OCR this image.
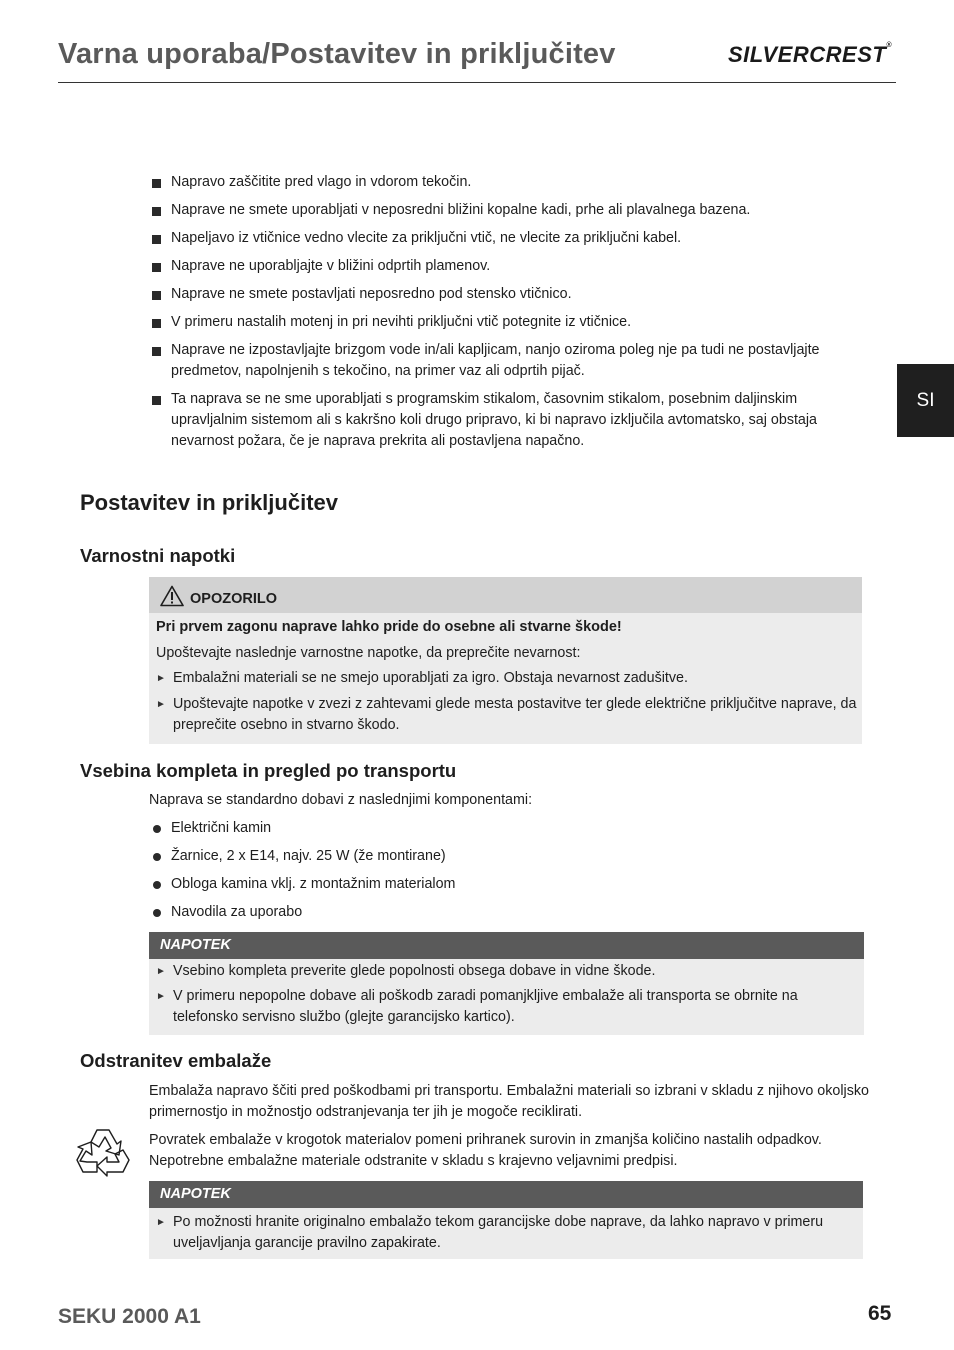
Varna uporaba/Postavitev in priključitev	SILVERCREST®
SI
Napravo zaščitite pred vlago in vdorom tekočin.
Naprave ne smete uporabljati v neposredni bližini kopalne kadi, prhe ali plavalnega bazena.
Napeljavo iz vtičnice vedno vlecite za priključni vtič, ne vlecite za priključni kabel.
Naprave ne uporabljajte v bližini odprtih plamenov.
Naprave ne smete postavljati neposredno pod stensko vtičnico.
V primeru nastalih motenj in pri nevihti priključni vtič potegnite iz vtičnice.
Naprave ne izpostavljajte brizgom vode in/ali kapljicam, nanjo oziroma poleg nje pa tudi ne postavljajte predmetov, napolnjenih s tekočino, na primer vaz ali odprtih pijač.
Ta naprava se ne sme uporabljati s programskim stikalom, časovnim stikalom, posebnim daljinskim upravljalnim sistemom ali s kakršno koli drugo pripravo, ki bi napravo izključila avtomatsko, saj obstaja nevarnost požara, če je naprava prekrita ali postavljena napačno.
Postavitev in priključitev
Varnostni napotki
OPOZORILO
Pri prvem zagonu naprave lahko pride do osebne ali stvarne škode!
Upoštevajte naslednje varnostne napotke, da preprečite nevarnost:
► Embalažni materiali se ne smejo uporabljati za igro. Obstaja nevarnost zadušitve.
► Upoštevajte napotke v zvezi z zahtevami glede mesta postavitve ter glede električne priključitve naprave, da preprečite osebno in stvarno škodo.
Vsebina kompleta in pregled po transportu
Naprava se standardno dobavi z naslednjimi komponentami:
Električni kamin
Žarnice, 2 x E14, najv. 25 W (že montirane)
Obloga kamina vklj. z montažnim materialom
Navodila za uporabo
NAPOTEK
► Vsebino kompleta preverite glede popolnosti obsega dobave in vidne škode.
► V primeru nepopolne dobave ali poškodb zaradi pomanjkljive embalaže ali transporta se obrnite na telefonsko servisno službo (glejte garancijsko kartico).
Odstranitev embalaže
Embalaža napravo ščiti pred poškodbami pri transportu. Embalažni materiali so izbrani v skladu z njihovo okoljsko primernostjo in možnostjo odstranjevanja ter jih je mogoče reciklirati.
Povratek embalaže v krogotok materialov pomeni prihranek surovin in zmanjša količino nastalih odpadkov. Nepotrebne embalažne materiale odstranite v skladu s krajevno veljavnimi predpisi.
NAPOTEK
► Po možnosti hranite originalno embalažo tekom garancijske dobe naprave, da lahko napravo v primeru uveljavljanja garancije pravilno zapakirate.
SEKU 2000 A1	65
